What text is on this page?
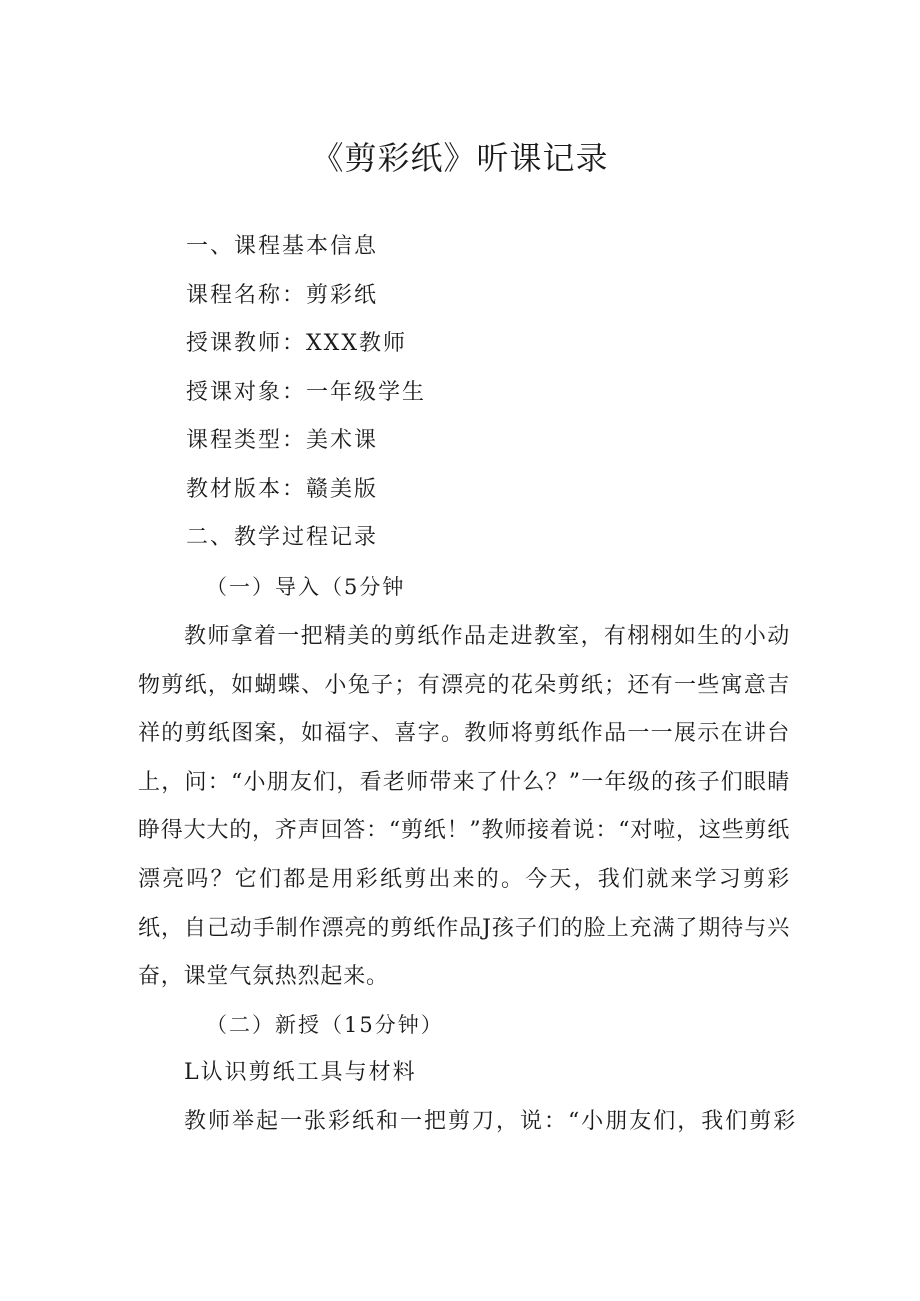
《剪彩纸》听课记录
一、课程基本信息
课程名称：剪彩纸
授课教师：XXX教师
授课对象：一年级学生
课程类型：美术课
教材版本：赣美版
二、教学过程记录
（一）导入（5分钟
教师拿着一把精美的剪纸作品走进教室，有栩栩如生的小动物剪纸，如蝴蝶、小兔子；有漂亮的花朵剪纸；还有一些寓意吉祥的剪纸图案，如福字、喜字。教师将剪纸作品一一展示在讲台上，问：“小朋友们，看老师带来了什么？”一年级的孩子们眼睛睁得大大的，齐声回答：“剪纸！”教师接着说：“对啦，这些剪纸漂亮吗？它们都是用彩纸剪出来的。今天，我们就来学习剪彩纸，自己动手制作漂亮的剪纸作品J孩子们的脸上充满了期待与兴奋，课堂气氛热烈起来。
（二）新授（15分钟）
L认识剪纸工具与材料
教师举起一张彩纸和一把剪刀，说：“小朋友们，我们剪彩
